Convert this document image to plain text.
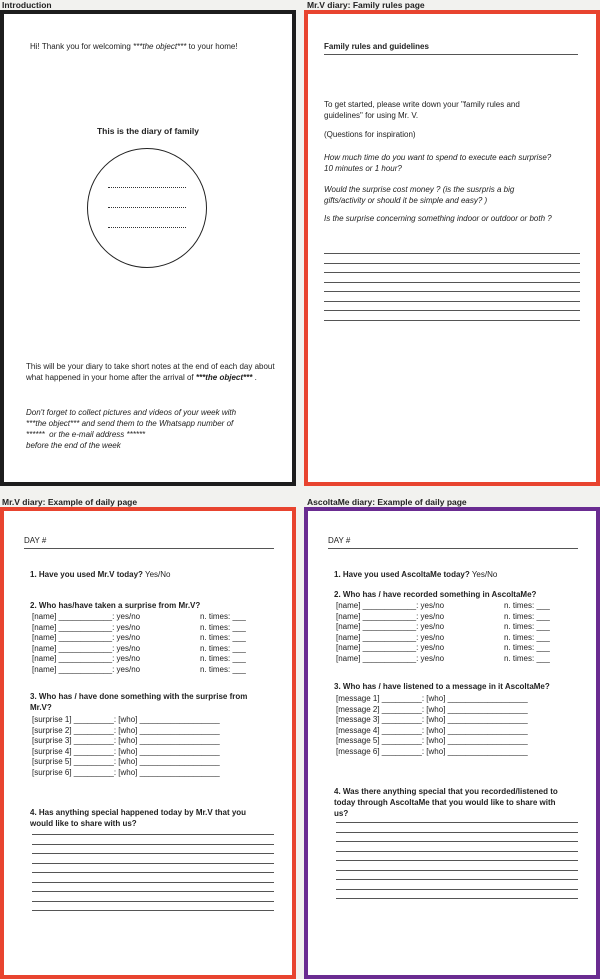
Introduction	Mr.V diary: Family rules page
Mr.V diary: Example of daily page	AscoltaMe diary: Example of daily page
Hi! Thank you for welcoming ***the object*** to your home!
This is the diary of family
This will be your diary to take short notes at the end of each day about what happened in your home after the arrival of ***the object*** .
Don't forget to collect pictures and videos of your week with
***the object*** and send them to the Whatsapp number of
******  or the e-mail address ******
before the end of the week
Family rules and guidelines
To get started, please write down your "family rules and
guidelines" for using Mr. V.
(Questions for inspiration)
How much time do you want to spend to execute each surprise?
10 minutes or 1 hour?
Would the surprise cost money ? (is the susrpris a big
gifts/activity or should it be simple and easy? )
Is the surprise concerning something indoor or outdoor or both ?
DAY #
1. Have you used Mr.V today? Yes/No
2. Who has/have taken a surprise from Mr.V?
[name] ____________: yes/no	n. times: ___
[name] ____________: yes/no	n. times: ___
[name] ____________: yes/no	n. times: ___
[name] ____________: yes/no	n. times: ___
[name] ____________: yes/no	n. times: ___
[name] ____________: yes/no	n. times: ___
3. Who has / have done something with the surprise from
Mr.V?
[surprise 1] _________: [who] __________________
[surprise 2] _________: [who] __________________
[surprise 3] _________: [who] __________________
[surprise 4] _________: [who] __________________
[surprise 5] _________: [who] __________________
[surprise 6] _________: [who] __________________
4. Has anything special happened today by Mr.V that you
would like to share with us?
DAY #
1. Have you used AscoltaMe today? Yes/No
2. Who has / have recorded something in AscoltaMe?
[name] ____________: yes/no	n. times: ___
[name] ____________: yes/no	n. times: ___
[name] ____________: yes/no	n. times: ___
[name] ____________: yes/no	n. times: ___
[name] ____________: yes/no	n. times: ___
[name] ____________: yes/no	n. times: ___
3. Who has / have listened to a message in it AscoltaMe?
[message 1] _________: [who] __________________
[message 2] _________: [who] __________________
[message 3] _________: [who] __________________
[message 4] _________: [who] __________________
[message 5] _________: [who] __________________
[message 6] _________: [who] __________________
4. Was there anything special that you recorded/listened to
today through AscoltaMe that you would like to share with
us?
